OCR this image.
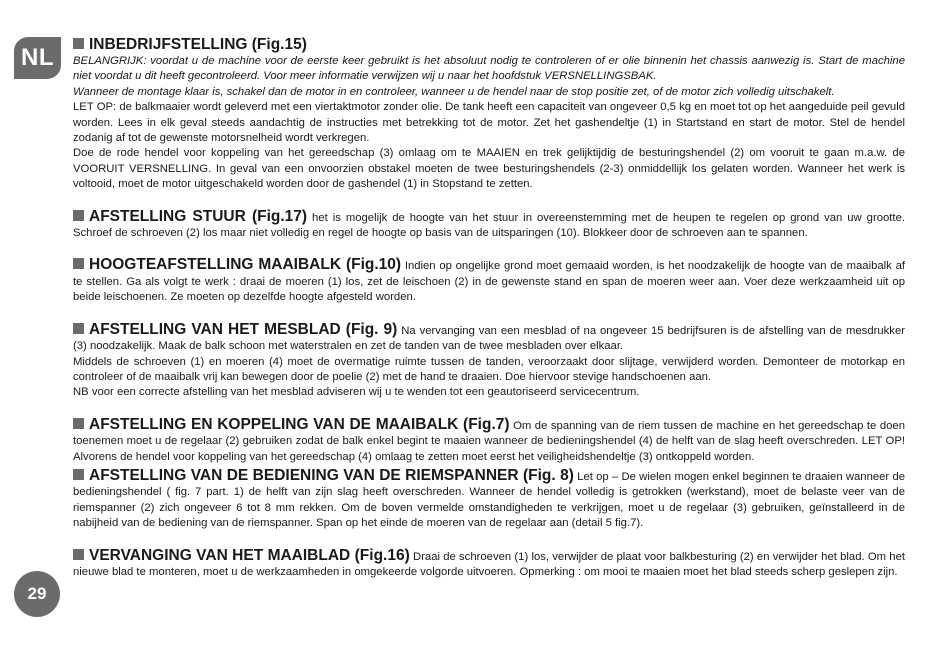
NL	INBEDRIJFSTELLING (Fig.15)

BELANGRIJK: voordat u de machine voor de eerste keer gebruikt is het absoluut nodig te controleren of er olie binnenin het chassis aanwezig is. Start de machine niet voordat u dit heeft gecontroleerd. Voor meer informatie verwijzen wij u naar het hoofdstuk VERSNELLINGSBAK.

Wanneer de montage klaar is, schakel dan de motor in en controleer, wanneer u de hendel naar de stop positie zet, of de motor zich volledig uitschakelt.

LET OP: de balkmaaier wordt geleverd met een viertaktmotor zonder olie. De tank heeft een capaciteit van ongeveer 0,5 kg en moet tot op het aangeduide peil gevuld worden. Lees in elk geval steeds aandachtig de instructies met betrekking tot de motor. Zet het gashendeltje (1) in Startstand en start de motor. Stel de hendel zodanig af tot de gewenste motorsnelheid wordt verkregen.

Doe de rode hendel voor koppeling van het gereedschap (3) omlaag om te MAAIEN en trek gelijktijdig de besturingshendel (2) om vooruit te gaan m.a.w. de VOORUIT VERSNELLING. In geval van een onvoorzien obstakel moeten de twee besturingshendels (2-3) onmiddellijk los gelaten worden. Wanneer het werk is voltooid, moet de motor uitgeschakeld worden door de gashendel (1) in Stopstand te zetten.

AFSTELLING STUUR (Fig.17) het is mogelijk de hoogte van het stuur in overeenstemming met de heupen te regelen op grond van uw grootte. Schroef de schroeven (2) los maar niet volledig en regel de hoogte op basis van de uitsparingen (10). Blokkeer door de schroeven aan te spannen.

HOOGTEAFSTELLING MAAIBALK (Fig.10) Indien op ongelijke grond moet gemaaid worden, is het noodzakelijk de hoogte van de maaibalk af te stellen. Ga als volgt te werk : draai de moeren (1) los, zet de leischoen (2) in de gewenste stand en span de moeren weer aan. Voer deze werkzaamheid uit op beide leischoenen. Ze moeten op dezelfde hoogte afgesteld worden.

AFSTELLING VAN HET MESBLAD (Fig. 9) Na vervanging van een mesblad of na ongeveer 15 bedrijfsuren is de afstelling van de mesdrukker (3) noodzakelijk. Maak de balk schoon met waterstralen en zet de tanden van de twee mesbladen over elkaar.

Middels de schroeven (1) en moeren (4) moet de overmatige ruimte tussen de tanden, veroorzaakt door slijtage, verwijderd worden. Demonteer de motorkap en controleer of de maaibalk vrij kan bewegen door de poelie (2) met de hand te draaien. Doe hiervoor stevige handschoenen aan.

NB voor een correcte afstelling van het mesblad adviseren wij u te wenden tot een geautoriseerd servicecentrum.

AFSTELLING EN KOPPELING VAN DE MAAIBALK (Fig.7) Om de spanning van de riem tussen de machine en het gereedschap te doen toenemen moet u de regelaar (2) gebruiken zodat de balk enkel begint te maaien wanneer de bedieningshendel (4) de helft van de slag heeft overschreden. LET OP! Alvorens de hendel voor koppeling van het gereedschap (4) omlaag te zetten moet eerst het veiligheidshendeltje (3) ontkoppeld worden.

AFSTELLING VAN DE BEDIENING VAN DE RIEMSPANNER (Fig. 8) Let op – De wielen mogen enkel beginnen te draaien wanneer de bedieningshendel ( fig. 7 part. 1) de helft van zijn slag heeft overschreden. Wanneer de hendel volledig is getrokken (werkstand), moet de belaste veer van de riemspanner (2) zich ongeveer 6 tot 8 mm rekken. Om de boven vermelde omstandigheden te verkrijgen, moet u de regelaar (3) gebruiken, geïnstalleerd in de nabijheid van de bediening van de riemspanner. Span op het einde de moeren van de regelaar aan (detail 5 fig.7).

VERVANGING VAN HET MAAIBLAD (Fig.16) Draai de schroeven (1) los, verwijder de plaat voor balkbesturing (2) en verwijder het blad. Om het nieuwe blad te monteren, moet u de werkzaamheden in omgekeerde volgorde uitvoeren. Opmerking : om mooi te maaien moet het blad steeds scherp geslepen zijn.

29
